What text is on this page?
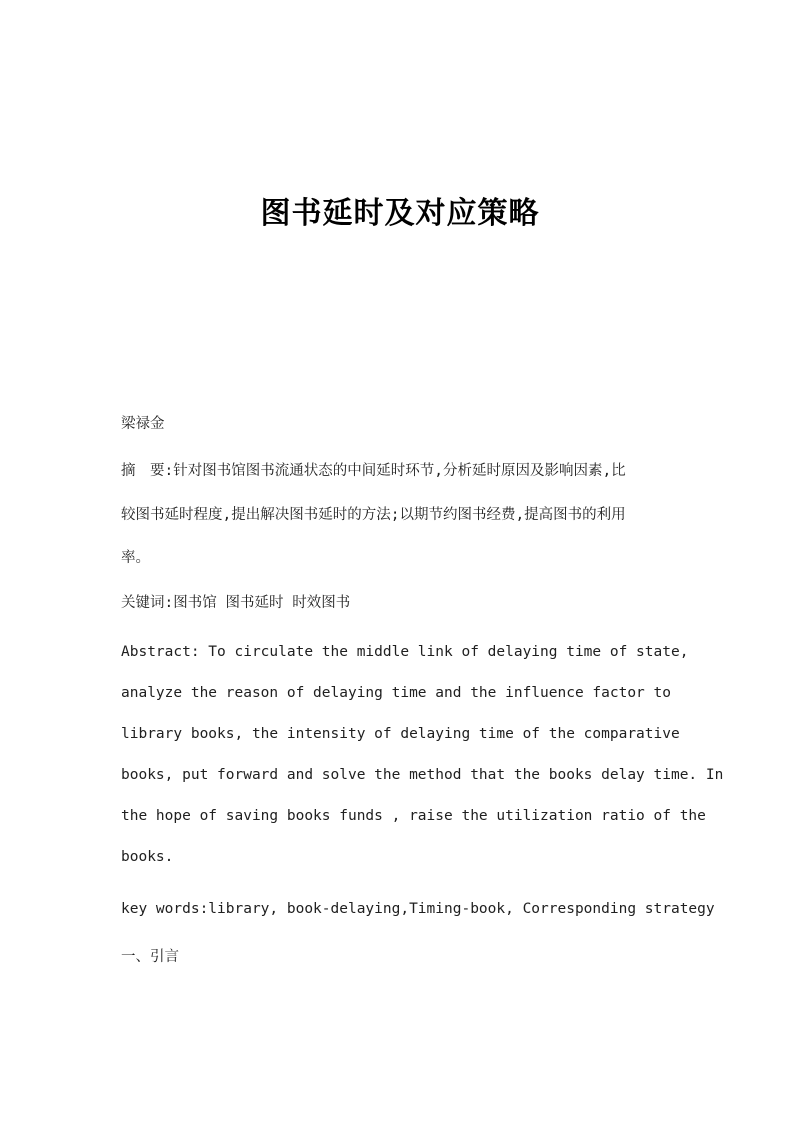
图书延时及对应策略
梁禄金
摘　要:针对图书馆图书流通状态的中间延时环节,分析延时原因及影响因素,比
较图书延时程度,提出解决图书延时的方法;以期节约图书经费,提高图书的利用
率。
关键词:图书馆 图书延时 时效图书
Abstract: To circulate the middle link of delaying time of state,
analyze the reason of delaying time and the influence factor to
library books, the intensity of delaying time of the comparative
books, put forward and solve the method that the books delay time. In
the hope of saving books funds , raise the utilization ratio of the
books.
key words:library, book-delaying,Timing-book, Corresponding strategy
一、引言
